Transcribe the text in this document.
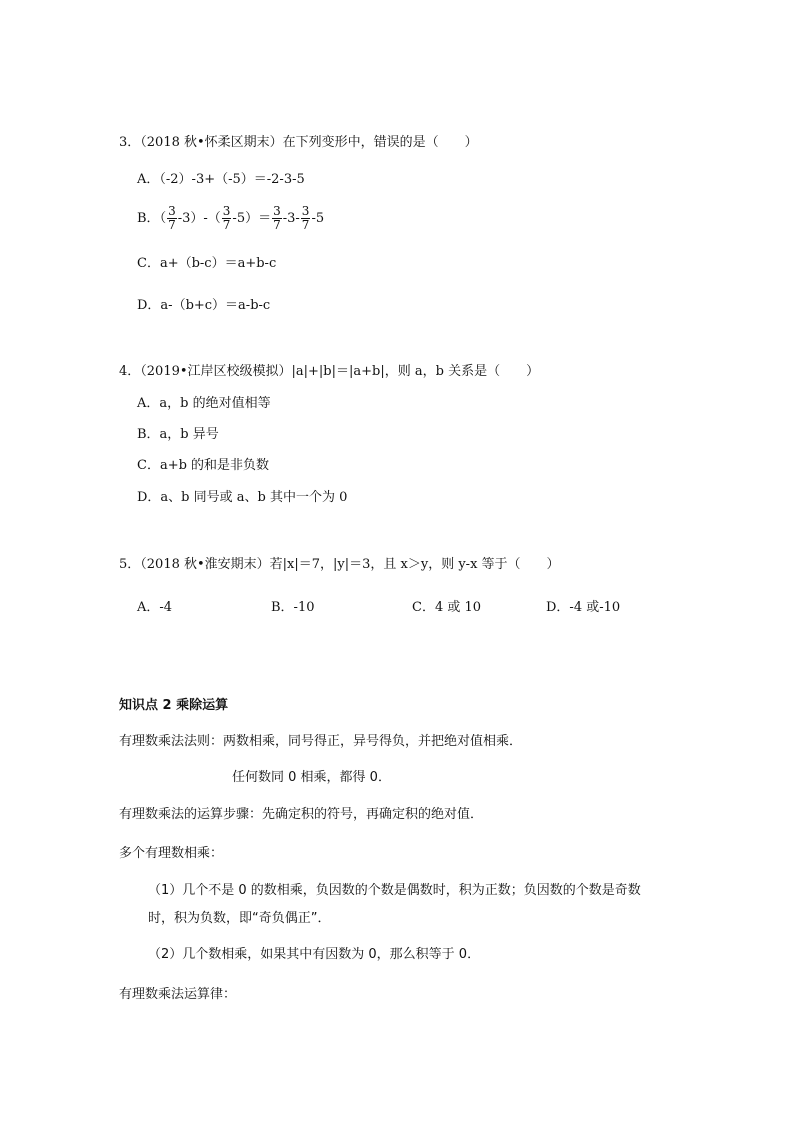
3．（2018 秋•怀柔区期末）在下列变形中，错误的是（　　）
A．（-2）-3+（-5）＝-2-3-5
B．（ $\frac{3}{7} -3)-( \frac{3}{7} -5)= \frac{3}{7} -3- \frac{3}{7} -5$
C．a+（b-c）＝a+b-c
D．a-（b+c）＝a-b-c
4．（2019•江岸区校级模拟）|a|+|b|＝|a+b|，则 a，b 关系是（　　）
A．a，b 的绝对值相等
B．a，b 异号
C．a+b 的和是非负数
D．a、b 同号或 a、b 其中一个为 0
5．（2018 秋•淮安期末）若|x|＝7，|y|＝3，且 x＞y，则 y-x 等于（　　）
A．-4	B．-10	C．4 或 10	D．-4 或-10
知识点 2 乘除运算
有理数乘法法则：两数相乘，同号得正，异号得负，并把绝对值相乘．
任何数同 0 相乘，都得 0．
有理数乘法的运算步骤：先确定积的符号，再确定积的绝对值．
多个有理数相乘：
（1）几个不是 0 的数相乘，负因数的个数是偶数时，积为正数；负因数的个数是奇数
时，积为负数，即“奇负偶正”．
（2）几个数相乘，如果其中有因数为 0，那么积等于 0．
有理数乘法运算律：
